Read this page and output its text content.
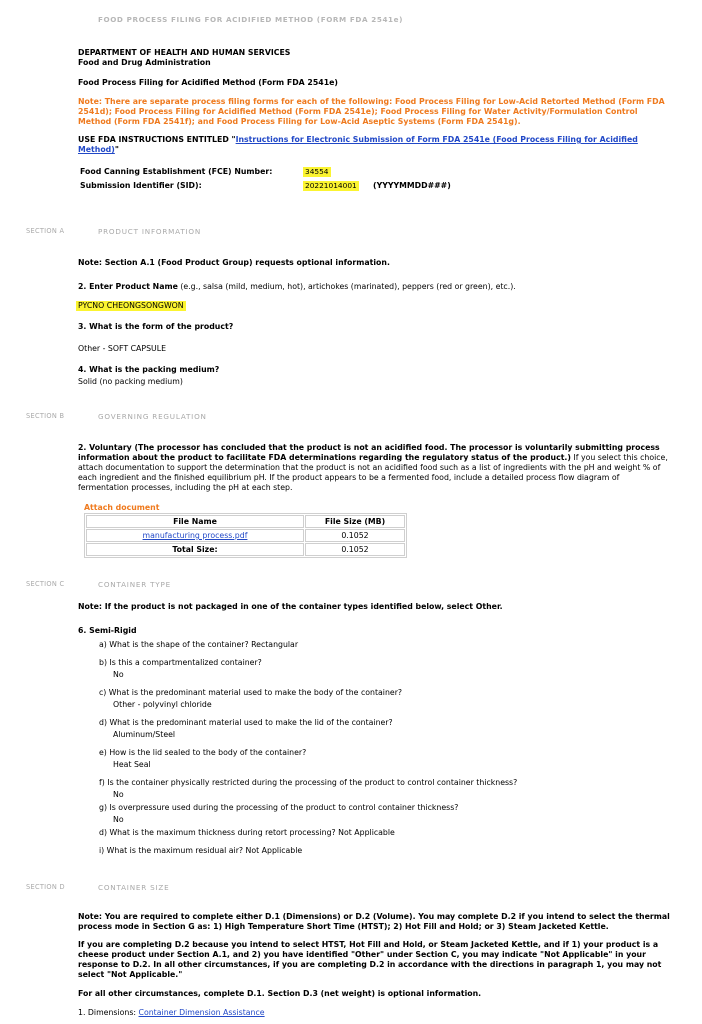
FOOD PROCESS FILING FOR ACIDIFIED METHOD (FORM FDA 2541e)
DEPARTMENT OF HEALTH AND HUMAN SERVICES
Food and Drug Administration
Food Process Filing for Acidified Method (Form FDA 2541e)
Note: There are separate process filing forms for each of the following: Food Process Filing for Low-Acid Retorted Method (Form FDA 2541d); Food Process Filing for Acidified Method (Form FDA 2541e); Food Process Filing for Water Activity/Formulation Control Method (Form FDA 2541f); and Food Process Filing for Low-Acid Aseptic Systems (Form FDA 2541g).
USE FDA INSTRUCTIONS ENTITLED "Instructions for Electronic Submission of Form FDA 2541e (Food Process Filing for Acidified Method)"
Food Canning Establishment (FCE) Number:	34554
Submission Identifier (SID):	20221014001 (YYYYMMDD###)
SECTION A	PRODUCT INFORMATION
Note: Section A.1 (Food Product Group) requests optional information.
2. Enter Product Name (e.g., salsa (mild, medium, hot), artichokes (marinated), peppers (red or green), etc.).
PYCNO CHEONGSONGWON
3. What is the form of the product?
Other - SOFT CAPSULE
4. What is the packing medium?
Solid (no packing medium)
SECTION B	GOVERNING REGULATION
2. Voluntary (The processor has concluded that the product is not an acidified food. The processor is voluntarily submitting process information about the product to facilitate FDA determinations regarding the regulatory status of the product.) If you select this choice, attach documentation to support the determination that the product is not an acidified food such as a list of ingredients with the pH and weight % of each ingredient and the finished equilibrium pH. If the product appears to be a fermented food, include a detailed process flow diagram of fermentation processes, including the pH at each step.
Attach document
File Name	File Size (MB)
manufacturing process.pdf	0.1052
Total Size:	0.1052
SECTION C	CONTAINER TYPE
Note: If the product is not packaged in one of the container types identified below, select Other.
6. Semi-Rigid
a) What is the shape of the container? Rectangular
b) Is this a compartmentalized container?
No
c) What is the predominant material used to make the body of the container?
Other - polyvinyl chloride
d) What is the predominant material used to make the lid of the container?
Aluminum/Steel
e) How is the lid sealed to the body of the container?
Heat Seal
f) Is the container physically restricted during the processing of the product to control container thickness?
No
g) Is overpressure used during the processing of the product to control container thickness?
No
d) What is the maximum thickness during retort processing? Not Applicable
i) What is the maximum residual air? Not Applicable
SECTION D	CONTAINER SIZE
Note: You are required to complete either D.1 (Dimensions) or D.2 (Volume). You may complete D.2 if you intend to select the thermal process mode in Section G as: 1) High Temperature Short Time (HTST); 2) Hot Fill and Hold; or 3) Steam Jacketed Kettle.
If you are completing D.2 because you intend to select HTST, Hot Fill and Hold, or Steam Jacketed Kettle, and if 1) your product is a cheese product under Section A.1, and 2) you have identified "Other" under Section C, you may indicate "Not Applicable" in your response to D.2. In all other circumstances, if you are completing D.2 in accordance with the directions in paragraph 1, you may not select "Not Applicable."
For all other circumstances, complete D.1. Section D.3 (net weight) is optional information.
1. Dimensions: Container Dimension Assistance
